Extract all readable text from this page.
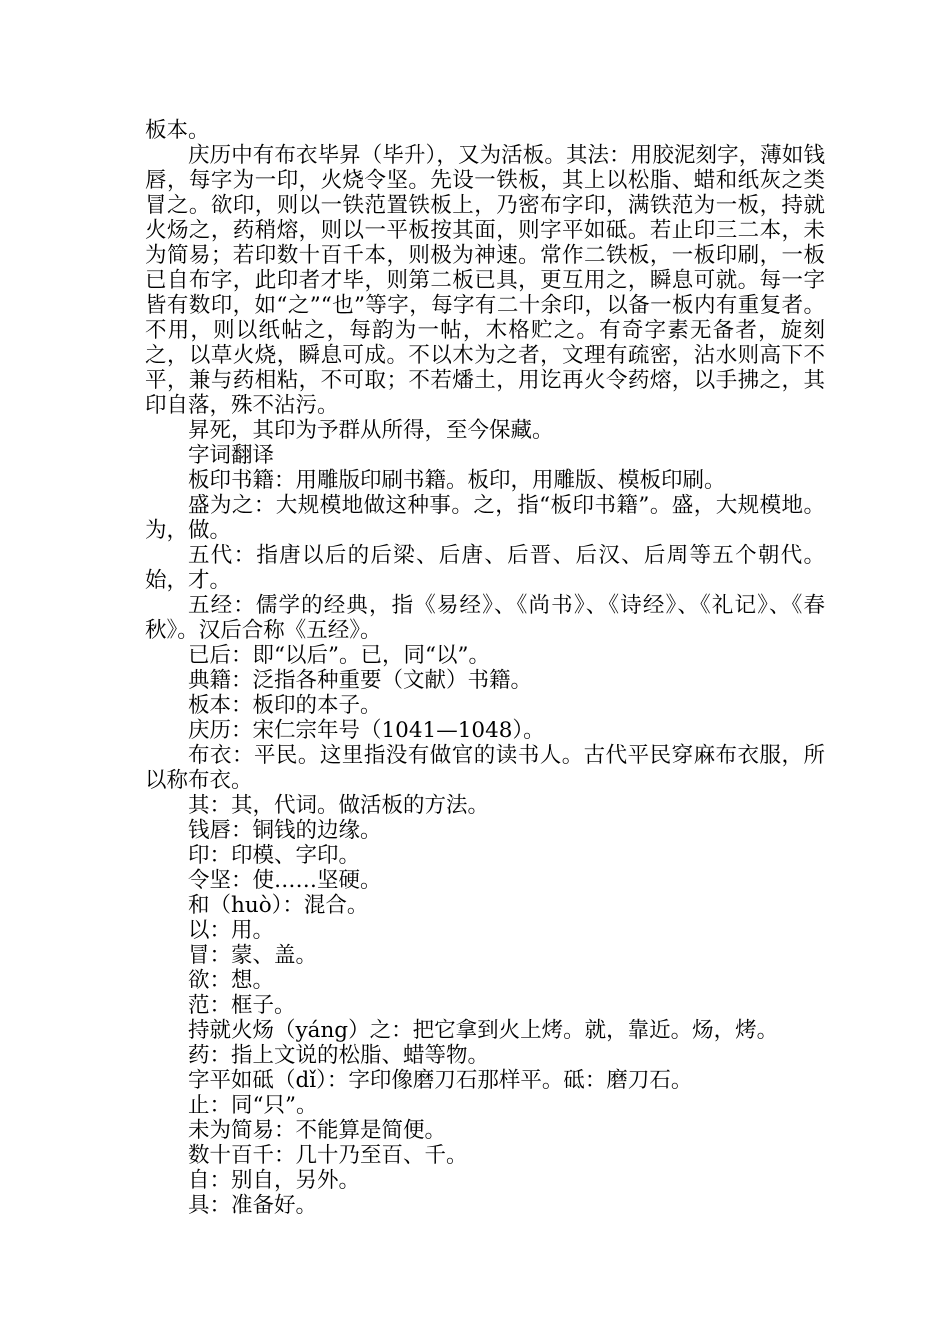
板本。

庆历中有布衣毕昇（毕升），又为活板。其法：用胶泥刻字，薄如钱唇，每字为一印，火烧令坚。先设一铁板，其上以松脂、蜡和纸灰之类冒之。欲印，则以一铁范置铁板上，乃密布字印，满铁范为一板，持就火炀之，药稍熔，则以一平板按其面，则字平如砥。若止印三二本，未为简易；若印数十百千本，则极为神速。常作二铁板，一板印刷，一板已自布字，此印者才毕，则第二板已具，更互用之，瞬息可就。每一字皆有数印，如“之”“也”等字，每字有二十余印，以备一板内有重复者。不用，则以纸帖之，每韵为一帖，木格贮之。有奇字素无备者，旋刻之，以草火烧，瞬息可成。不以木为之者，文理有疏密，沾水则高下不平，兼与药相粘，不可取；不若燔土，用讫再火令药熔，以手拂之，其印自落，殊不沾污。

昇死，其印为予群从所得，至今保藏。

字词翻译

板印书籍：用雕版印刷书籍。板印，用雕版、模板印刷。

盛为之：大规模地做这种事。之，指“板印书籍”。盛，大规模地。为，做。

五代：指唐以后的后梁、后唐、后晋、后汉、后周等五个朝代。始，才。

五经：儒学的经典，指《易经》、《尚书》、《诗经》、《礼记》、《春秋》。汉后合称《五经》。

已后：即“以后”。已，同“以”。

典籍：泛指各种重要（文献）书籍。

板本：板印的本子。

庆历：宋仁宗年号（1041—1048）。

布衣：平民。这里指没有做官的读书人。古代平民穿麻布衣服，所以称布衣。

其：其，代词。做活板的方法。

钱唇：铜钱的边缘。

印：印模、字印。

令坚：使……坚硬。

和（huò）：混合。

以：用。

冒：蒙、盖。

欲：想。

范：框子。

持就火炀（yáng）之：把它拿到火上烤。就，靠近。炀，烤。

药：指上文说的松脂、蜡等物。

字平如砥（dǐ）：字印像磨刀石那样平。砥：磨刀石。

止：同“只”。

未为简易：不能算是简便。

数十百千：几十乃至百、千。

自：别自，另外。

具：准备好。
